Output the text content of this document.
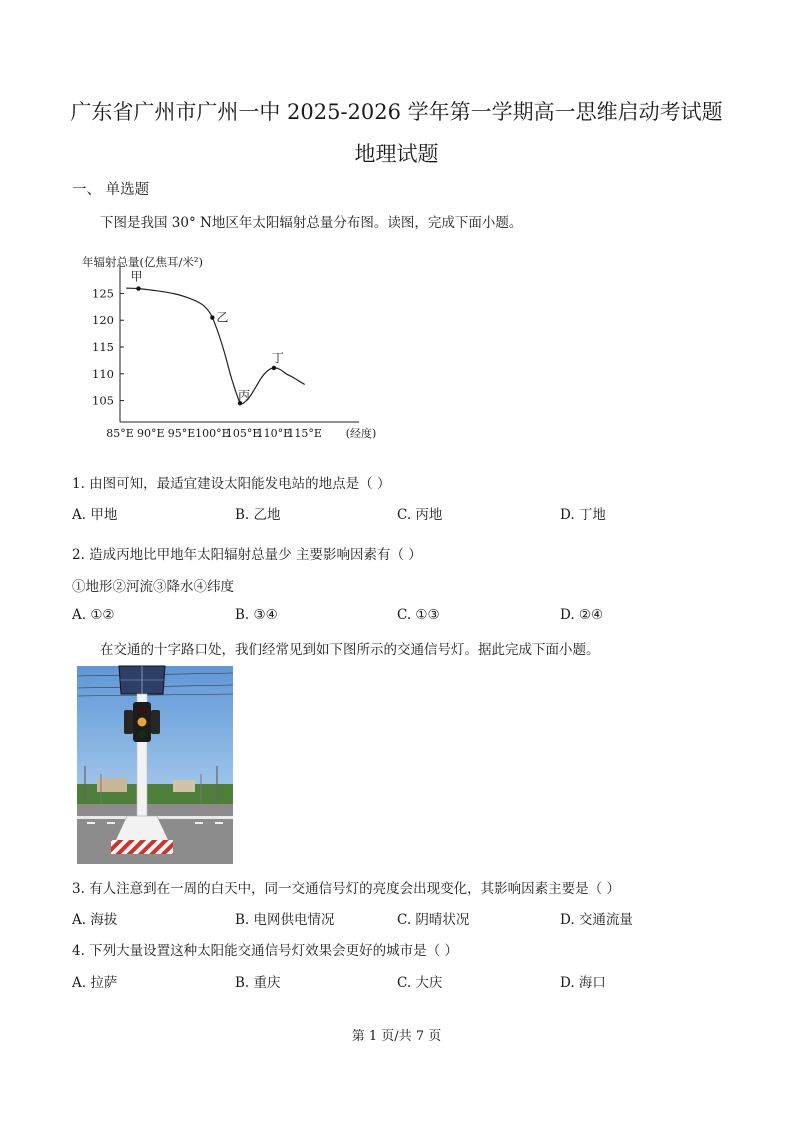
广东省广州市广州一中 2025-2026 学年第一学期高一思维启动考试题
地理试题
一、 单选题
下图是我国 30° N地区年太阳辐射总量分布图。读图，完成下面小题。
年辐射总量(亿焦耳/米²)
105
110
115
120
125
85°E 90°E 95°E 100°E
105°E
110°E
115°E (经度)
甲
乙
丙
丁
1. 由图可知，最适宜建设太阳能发电站的地点是（ ）
A. 甲地	B. 乙地	C. 丙地	D. 丁地
2. 造成丙地比甲地年太阳辐射总量少 主要影响因素有（ ）
①地形②河流③降水④纬度
A. ①②	B. ③④	C. ①③	D. ②④
在交通的十字路口处，我们经常见到如下图所示的交通信号灯。据此完成下面小题。
3. 有人注意到在一周的白天中，同一交通信号灯的亮度会出现变化，其影响因素主要是（ ）
A. 海拔	B. 电网供电情况	C. 阴晴状况	D. 交通流量
4. 下列大量设置这种太阳能交通信号灯效果会更好的城市是（ ）
A. 拉萨	B. 重庆	C. 大庆	D. 海口
第 1 页/共 7 页
